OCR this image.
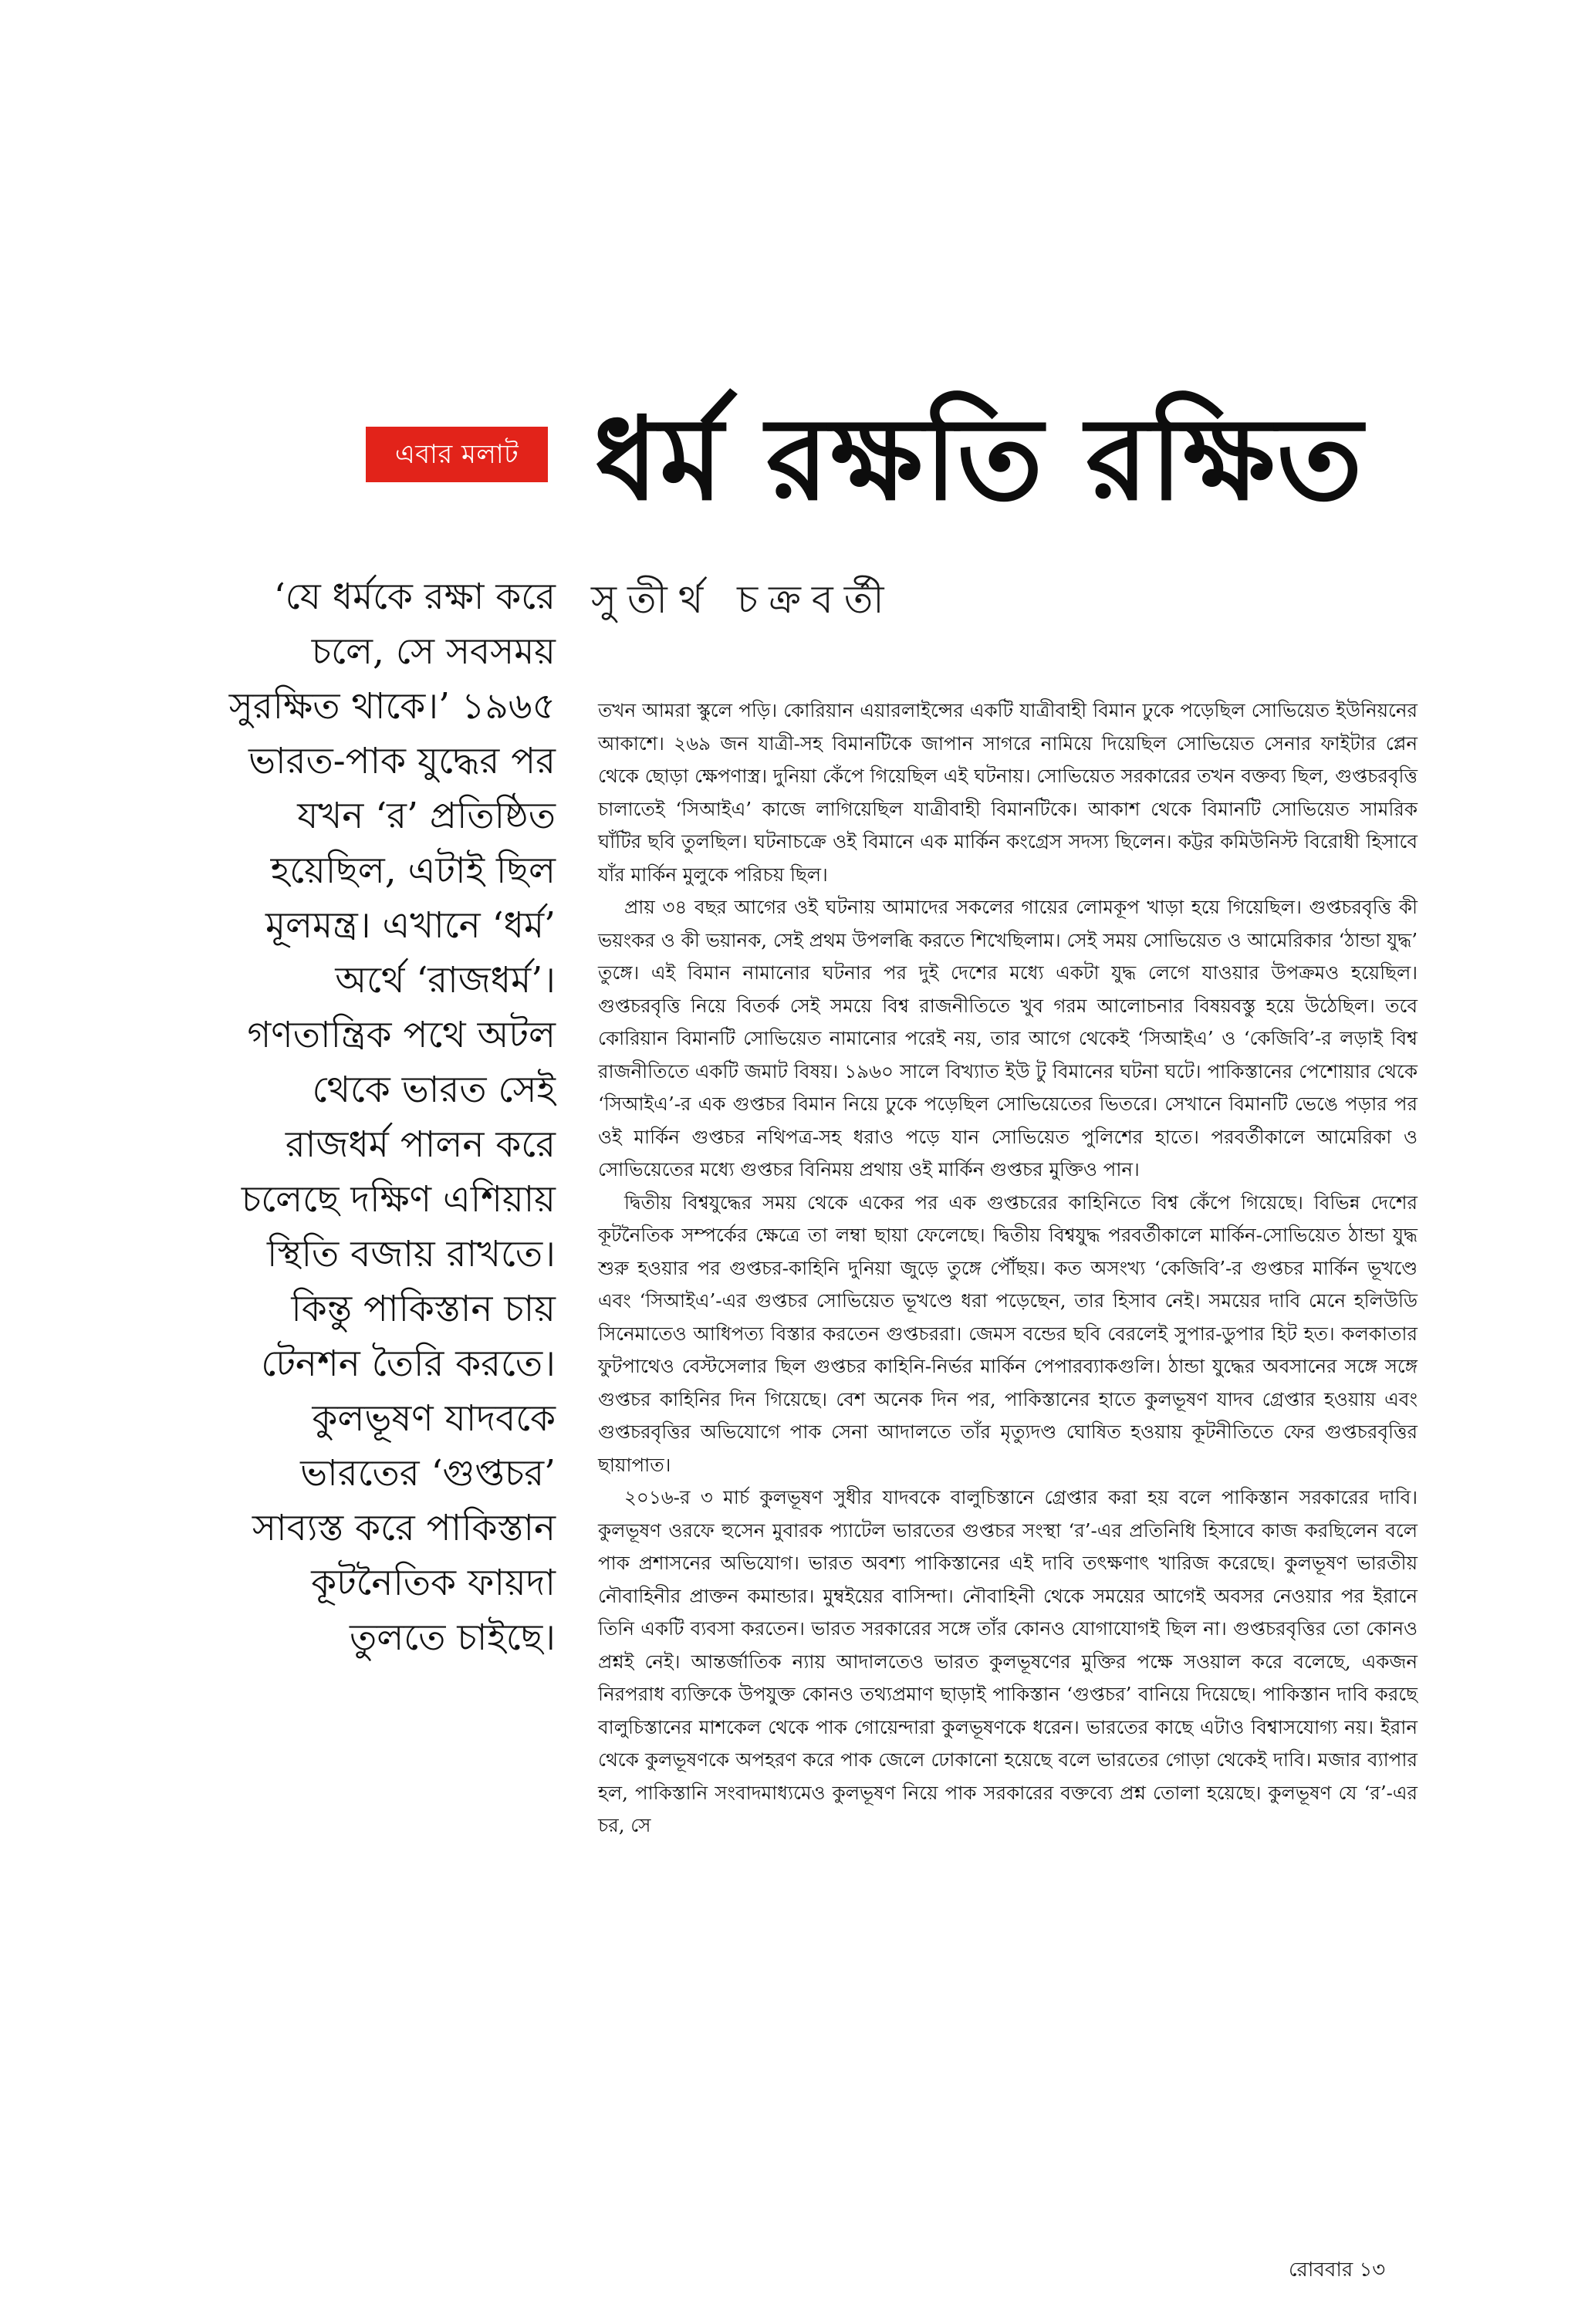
এবার মলাট ধর্ম রক্ষতি রক্ষিত
‘যে ধর্মকে রক্ষা করে
চলে, সে সবসময়
সুরক্ষিত থাকে।’ ১৯৬৫
ভারত-পাক যুদ্ধের পর
যখন ‘র’ প্রতিষ্ঠিত
হয়েছিল, এটাই ছিল
মূলমন্ত্র। এখানে ‘ধর্ম’
অর্থে ‘রাজধর্ম’।
গণতান্ত্রিক পথে অটল
থেকে ভারত সেই
রাজধর্ম পালন করে
চলেছে দক্ষিণ এশিয়ায়
স্থিতি বজায় রাখতে।
কিন্তু পাকিস্তান চায়
টেনশন তৈরি করতে।
কুলভূষণ যাদবকে
ভারতের ‘গুপ্তচর’
সাব্যস্ত করে পাকিস্তান
কূটনৈতিক ফায়দা
তুলতে চাইছে।
সুতীর্থ চক্রবর্তী

তখন আমরা স্কুলে পড়ি। কোরিয়ান এয়ারলাইন্সের একটি যাত্রীবাহী বিমান ঢুকে পড়েছিল সোভিয়েত ইউনিয়নের আকাশে। ২৬৯ জন যাত্রী-সহ বিমানটিকে জাপান সাগরে নামিয়ে দিয়েছিল সোভিয়েত সেনার ফাইটার প্লেন থেকে ছোড়া ক্ষেপণাস্ত্র। দুনিয়া কেঁপে গিয়েছিল এই ঘটনায়। সোভিয়েত সরকারের তখন বক্তব্য ছিল, গুপ্তচরবৃত্তি চালাতেই ‘সিআইএ’ কাজে লাগিয়েছিল যাত্রীবাহী বিমানটিকে। আকাশ থেকে বিমানটি সোভিয়েত সামরিক ঘাঁটির ছবি তুলছিল। ঘটনাচক্রে ওই বিমানে এক মার্কিন কংগ্রেস সদস্য ছিলেন। কট্টর কমিউনিস্ট বিরোধী হিসাবে যাঁর মার্কিন মুলুকে পরিচয় ছিল।

প্রায় ৩৪ বছর আগের ওই ঘটনায় আমাদের সকলের গায়ের লোমকূপ খাড়া হয়ে গিয়েছিল। গুপ্তচরবৃত্তি কী ভয়ংকর ও কী ভয়ানক, সেই প্রথম উপলব্ধি করতে শিখেছিলাম। সেই সময় সোভিয়েত ও আমেরিকার ‘ঠান্ডা যুদ্ধ’ তুঙ্গে। এই বিমান নামানোর ঘটনার পর দুই দেশের মধ্যে একটা যুদ্ধ লেগে যাওয়ার উপক্রমও হয়েছিল। গুপ্তচরবৃত্তি নিয়ে বিতর্ক সেই সময়ে বিশ্ব রাজনীতিতে খুব গরম আলোচনার বিষয়বস্তু হয়ে উঠেছিল। তবে কোরিয়ান বিমানটি সোভিয়েত নামানোর পরেই নয়, তার আগে থেকেই ‘সিআইএ’ ও ‘কেজিবি’-র লড়াই বিশ্ব রাজনীতিতে একটি জমাট বিষয়। ১৯৬০ সালে বিখ্যাত ইউ টু বিমানের ঘটনা ঘটে। পাকিস্তানের পেশোয়ার থেকে ‘সিআইএ’-র এক গুপ্তচর বিমান নিয়ে ঢুকে পড়েছিল সোভিয়েতের ভিতরে। সেখানে বিমানটি ভেঙে পড়ার পর ওই মার্কিন গুপ্তচর নথিপত্র-সহ ধরাও পড়ে যান সোভিয়েত পুলিশের হাতে। পরবর্তীকালে আমেরিকা ও সোভিয়েতের মধ্যে গুপ্তচর বিনিময় প্রথায় ওই মার্কিন গুপ্তচর মুক্তিও পান।

দ্বিতীয় বিশ্বযুদ্ধের সময় থেকে একের পর এক গুপ্তচরের কাহিনিতে বিশ্ব কেঁপে গিয়েছে। বিভিন্ন দেশের কূটনৈতিক সম্পর্কের ক্ষেত্রে তা লম্বা ছায়া ফেলেছে। দ্বিতীয় বিশ্বযুদ্ধ পরবর্তীকালে মার্কিন-সোভিয়েত ঠান্ডা যুদ্ধ শুরু হওয়ার পর গুপ্তচর-কাহিনি দুনিয়া জুড়ে তুঙ্গে পৌঁছয়। কত অসংখ্য ‘কেজিবি’-র গুপ্তচর মার্কিন ভূখণ্ডে এবং ‘সিআইএ’-এর গুপ্তচর সোভিয়েত ভূখণ্ডে ধরা পড়েছেন, তার হিসাব নেই। সময়ের দাবি মেনে হলিউডি সিনেমাতেও আধিপত্য বিস্তার করতেন গুপ্তচররা। জেমস বন্ডের ছবি বেরলেই সুপার-ডুপার হিট হত। কলকাতার ফুটপাথেও বেস্টসেলার ছিল গুপ্তচর কাহিনি-নির্ভর মার্কিন পেপারব্যাকগুলি। ঠান্ডা যুদ্ধের অবসানের সঙ্গে সঙ্গে গুপ্তচর কাহিনির দিন গিয়েছে। বেশ অনেক দিন পর, পাকিস্তানের হাতে কুলভূষণ যাদব গ্রেপ্তার হওয়ায় এবং গুপ্তচরবৃত্তির অভিযোগে পাক সেনা আদালতে তাঁর মৃত্যুদণ্ড ঘোষিত হওয়ায় কূটনীতিতে ফের গুপ্তচরবৃত্তির ছায়াপাত।

২০১৬-র ৩ মার্চ কুলভূষণ সুধীর যাদবকে বালুচিস্তানে গ্রেপ্তার করা হয় বলে পাকিস্তান সরকারের দাবি। কুলভূষণ ওরফে হুসেন মুবারক প্যাটেল ভারতের গুপ্তচর সংস্থা ‘র’-এর প্রতিনিধি হিসাবে কাজ করছিলেন বলে পাক প্রশাসনের অভিযোগ। ভারত অবশ্য পাকিস্তানের এই দাবি তৎক্ষণাৎ খারিজ করেছে। কুলভূষণ ভারতীয় নৌবাহিনীর প্রাক্তন কমান্ডার। মুম্বইয়ের বাসিন্দা। নৌবাহিনী থেকে সময়ের আগেই অবসর নেওয়ার পর ইরানে তিনি একটি ব্যবসা করতেন। ভারত সরকারের সঙ্গে তাঁর কোনও যোগাযোগই ছিল না। গুপ্তচরবৃত্তির তো কোনও প্রশ্নই নেই। আন্তর্জাতিক ন্যায় আদালতেও ভারত কুলভূষণের মুক্তির পক্ষে সওয়াল করে বলেছে, একজন নিরপরাধ ব্যক্তিকে উপযুক্ত কোনও তথ্যপ্রমাণ ছাড়াই পাকিস্তান ‘গুপ্তচর’ বানিয়ে দিয়েছে। পাকিস্তান দাবি করছে বালুচিস্তানের মাশকেল থেকে পাক গোয়েন্দারা কুলভূষণকে ধরেন। ভারতের কাছে এটাও বিশ্বাসযোগ্য নয়। ইরান থেকে কুলভূষণকে অপহরণ করে পাক জেলে ঢোকানো হয়েছে বলে ভারতের গোড়া থেকেই দাবি। মজার ব্যাপার হল, পাকিস্তানি সংবাদমাধ্যমেও কুলভূষণ নিয়ে পাক সরকারের বক্তব্যে প্রশ্ন তোলা হয়েছে। কুলভূষণ যে ‘র’-এর চর, সে

রোববার ১৩
